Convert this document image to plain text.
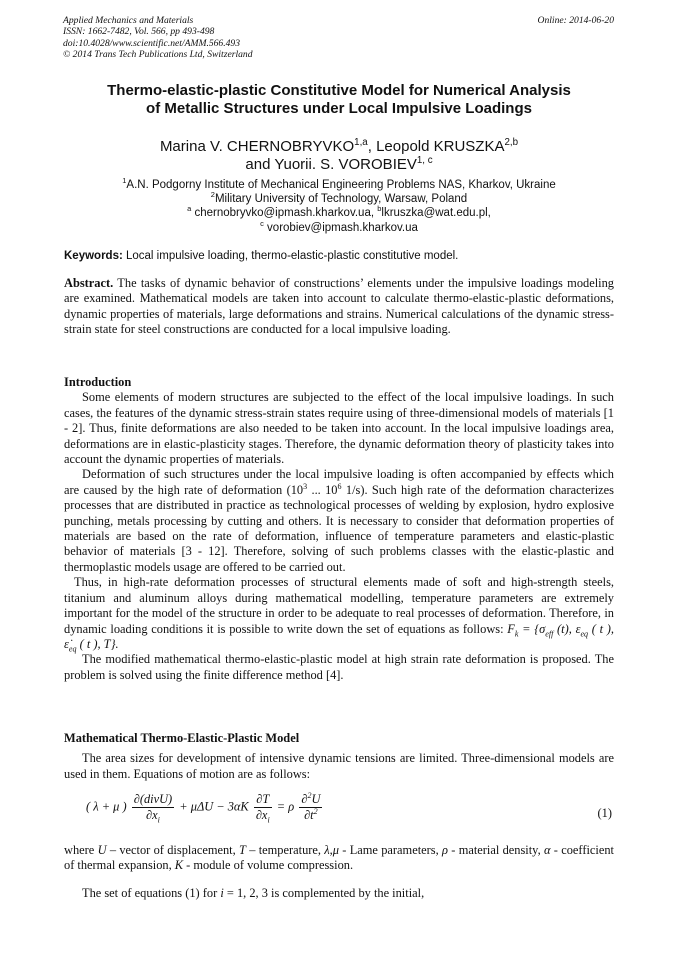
Applied Mechanics and Materials
ISSN: 1662-7482, Vol. 566, pp 493-498
doi:10.4028/www.scientific.net/AMM.566.493
© 2014 Trans Tech Publications Ltd, Switzerland
Online: 2014-06-20
Thermo-elastic-plastic Constitutive Model for Numerical Analysis
of Metallic Structures under Local Impulsive Loadings
Marina V. CHERNOBRYVKO$^{1,a}$, Leopold KRUSZKA$^{2,b}$
and Yuorii. S. VOROBIEV$^{1, c}$
$^1$A.N. Podgorny Institute of Mechanical Engineering Problems NAS, Kharkov, Ukraine
$^2$Military University of Technology, Warsaw, Poland
$^a$ chernobryvko@ipmash.kharkov.ua, $^b$lkruszka@wat.edu.pl,
$^c$ vorobiev@ipmash.kharkov.ua
Keywords: Local impulsive loading, thermo-elastic-plastic constitutive model.

Abstract. The tasks of dynamic behavior of constructions’ elements under the impulsive loadings modeling are examined. Mathematical models are taken into account to calculate thermo-elastic-plastic deformations, dynamic properties of materials, large deformations and strains. Numerical calculations of the dynamic stress-strain state for steel constructions are conducted for a local impulsive loading.

Introduction

Some elements of modern structures are subjected to the effect of the local impulsive loadings. In such cases, the features of the dynamic stress-strain states require using of three-dimensional models of materials [1 - 2]. Thus, finite deformations are also needed to be taken into account. In the local impulsive loadings area, deformations are in elastic-plasticity stages. Therefore, the dynamic deformation theory of plasticity takes into account the dynamic properties of materials.

Deformation of such structures under the local impulsive loading is often accompanied by effects which are caused by the high rate of deformation ($10^3$ ... $10^6$ 1/s). Such high rate of the deformation characterizes processes that are distributed in practice as technological processes of welding by explosion, hydro explosive punching, metals processing by cutting and others. It is necessary to consider that deformation properties of materials are based on the rate of deformation, influence of temperature parameters and elastic-plastic behavior of materials [3 - 12]. Therefore, solving of such problems classes with the elastic-plastic and thermoplastic models usage are offered to be carried out.

Thus, in high-rate deformation processes of structural elements made of soft and high-strength steels, titanium and aluminum alloys during mathematical modelling, temperature parameters are extremely important for the model of the structure in order to be adequate to real processes of deformation. Therefore, in dynamic loading conditions it is possible to write down the set of equations as follows: $F_k = \{\sigma_{eff}$ (t), $\varepsilon_{eq}$ ( t ), $\varepsiloṅ_{eq}$ ( t ), T}.

The modified mathematical thermo-elastic-plastic model at high strain rate deformation is proposed. The problem is solved using the finite difference method [4].

Mathematical Thermo-Elastic-Plastic Model

The area sizes for development of intensive dynamic tensions are limited. Three-dimensional models are used in them. Equations of motion are as follows:

( λ + μ ) $\frac{\text{∂(divU)}}{\partial x_i} + \mu\Delta U - 3\alpha K \frac{\partial T}{\partial x_i} = \rho \frac{\partial^2U}{\partial t^2}$	(1)

where U – vector of displacement, T – temperature, λ,μ - Lame parameters, ρ - material density, α - coefficient of thermal expansion, K - module of volume compression.

The set of equations (1) for i = 1, 2, 3 is complemented by the initial,
